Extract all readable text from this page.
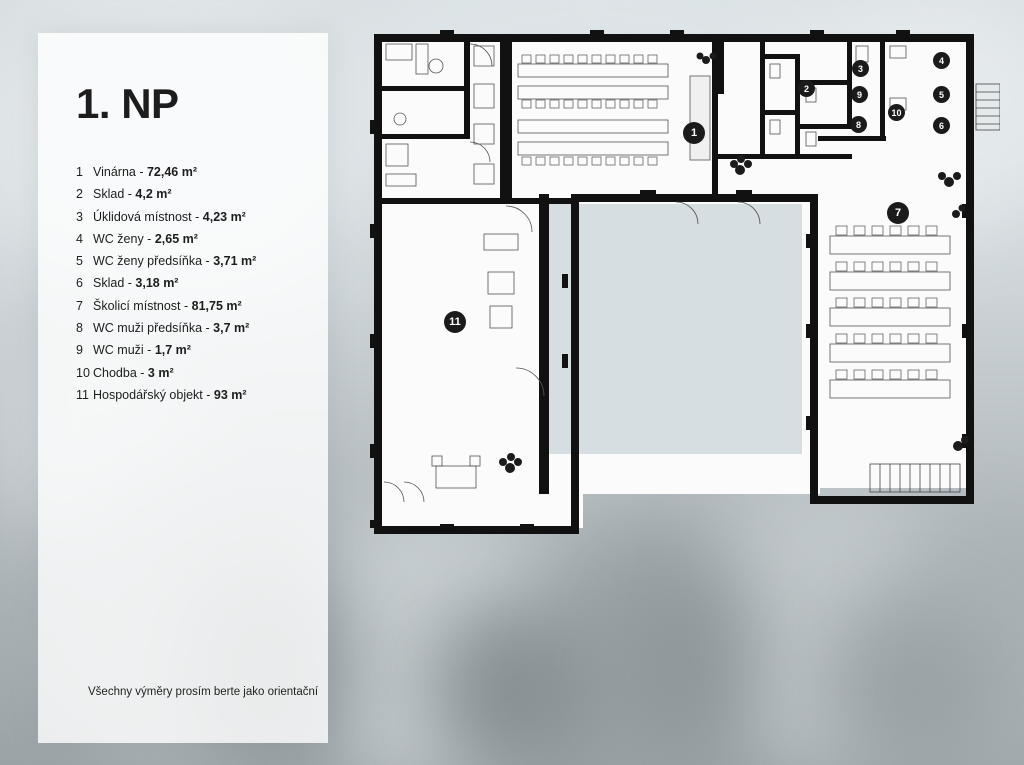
1. NP
1 Vinárna - 72,46 m²
2 Sklad - 4,2 m²
3 Úklidová místnost - 4,23 m²
4 WC ženy - 2,65 m²
5 WC ženy předsíňka - 3,71 m²
6 Sklad - 3,18 m²
7 Školicí místnost - 81,75 m²
8 WC muži předsíňka - 3,7 m²
9 WC muži - 1,7 m²
10 Chodba - 3 m²
11 Hospodářský objekt - 93 m²
Všechny výměry prosím berte jako orientační
1
2
3
4
5
6
7
8
9
10
11
